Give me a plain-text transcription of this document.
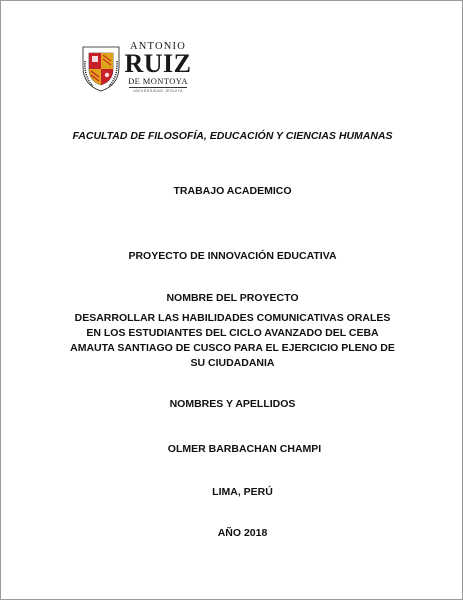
ANTONIO
RUIZ
DE MONTOYA
UNIVERSIDAD JESUITA
FACULTAD DE FILOSOFÍA, EDUCACIÓN Y CIENCIAS HUMANAS
TRABAJO ACADEMICO
PROYECTO DE INNOVACIÓN EDUCATIVA
NOMBRE DEL PROYECTO
DESARROLLAR LAS HABILIDADES COMUNICATIVAS ORALES
EN LOS ESTUDIANTES DEL CICLO AVANZADO DEL CEBA
AMAUTA SANTIAGO DE CUSCO PARA EL EJERCICIO PLENO DE
SU CIUDADANIA
NOMBRES Y APELLIDOS
OLMER BARBACHAN CHAMPI
LIMA, PERÚ
AÑO 2018
